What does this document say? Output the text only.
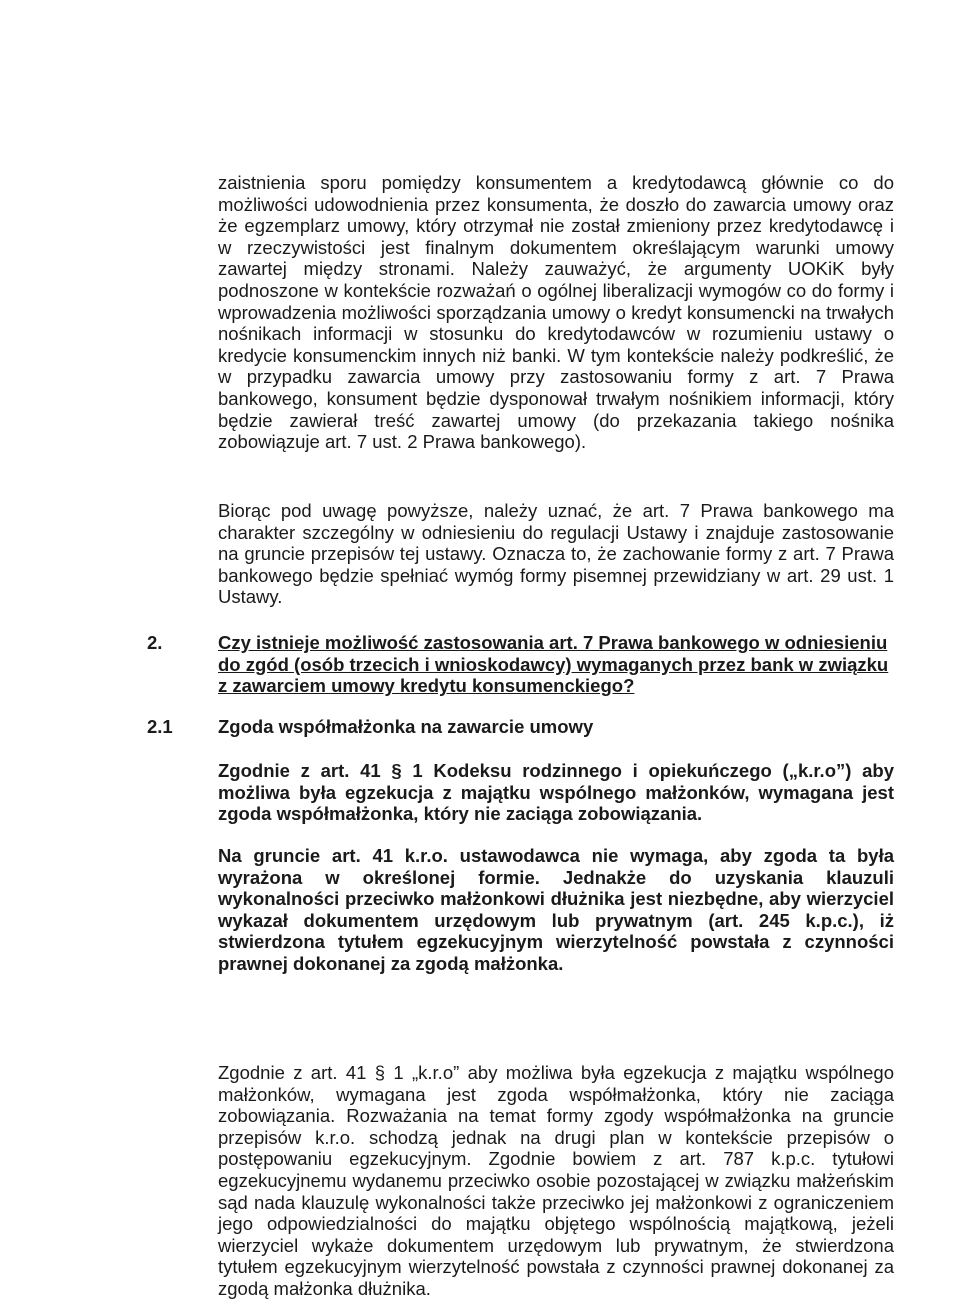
zaistnienia sporu pomiędzy konsumentem a kredytodawcą głównie co do możliwości udowodnienia przez konsumenta, że doszło do zawarcia umowy oraz że egzemplarz umowy, który otrzymał nie został zmieniony przez kredytodawcę i w rzeczywistości jest finalnym dokumentem określającym warunki umowy zawartej między stronami. Należy zauważyć, że argumenty UOKiK były podnoszone w kontekście rozważań o ogólnej liberalizacji wymogów co do formy i wprowadzenia możliwości sporządzania umowy o kredyt konsumencki na trwałych nośnikach informacji w stosunku do kredytodawców w rozumieniu ustawy o kredycie konsumenckim innych niż banki. W tym kontekście należy podkreślić, że w przypadku zawarcia umowy przy zastosowaniu formy z art. 7 Prawa bankowego, konsument będzie dysponował trwałym nośnikiem informacji, który będzie zawierał treść zawartej umowy (do przekazania takiego nośnika zobowiązuje art. 7 ust. 2 Prawa bankowego).

Biorąc pod uwagę powyższe, należy uznać, że art. 7 Prawa bankowego ma charakter szczególny w odniesieniu do regulacji Ustawy i znajduje zastosowanie na gruncie przepisów tej ustawy. Oznacza to, że zachowanie formy z art. 7 Prawa bankowego będzie spełniać wymóg formy pisemnej przewidziany w art. 29 ust. 1 Ustawy.

2.	Czy istnieje możliwość zastosowania art. 7 Prawa bankowego w odniesieniu do zgód (osób trzecich i wnioskodawcy) wymaganych przez bank w związku z zawarciem umowy kredytu konsumenckiego?

2.1 Zgoda współmałżonka na zawarcie umowy

Zgodnie z art. 41 § 1 Kodeksu rodzinnego i opiekuńczego („k.r.o”) aby możliwa była egzekucja z majątku wspólnego małżonków, wymagana jest zgoda współmałżonka, który nie zaciąga zobowiązania.

Na gruncie art. 41 k.r.o. ustawodawca nie wymaga, aby zgoda ta była wyrażona w określonej formie. Jednakże do uzyskania klauzuli wykonalności przeciwko małżonkowi dłużnika jest niezbędne, aby wierzyciel wykazał dokumentem urzędowym lub prywatnym (art. 245 k.p.c.), iż stwierdzona tytułem egzekucyjnym wierzytelność powstała z czynności prawnej dokonanej za zgodą małżonka.

Zgodnie z art. 41 § 1 „k.r.o” aby możliwa była egzekucja z majątku wspólnego małżonków, wymagana jest zgoda współmałżonka, który nie zaciąga zobowiązania. Rozważania na temat formy zgody współmałżonka na gruncie przepisów k.r.o. schodzą jednak na drugi plan w kontekście przepisów o postępowaniu egzekucyjnym. Zgodnie bowiem z art. 787 k.p.c. tytułowi egzekucyjnemu wydanemu przeciwko osobie pozostającej w związku małżeńskim sąd nada klauzulę wykonalności także przeciwko jej małżonkowi z ograniczeniem jego odpowiedzialności do majątku objętego wspólnością majątkową, jeżeli wierzyciel wykaże dokumentem urzędowym lub prywatnym, że stwierdzona tytułem egzekucyjnym wierzytelność powstała z czynności prawnej dokonanej za zgodą małżonka dłużnika.
